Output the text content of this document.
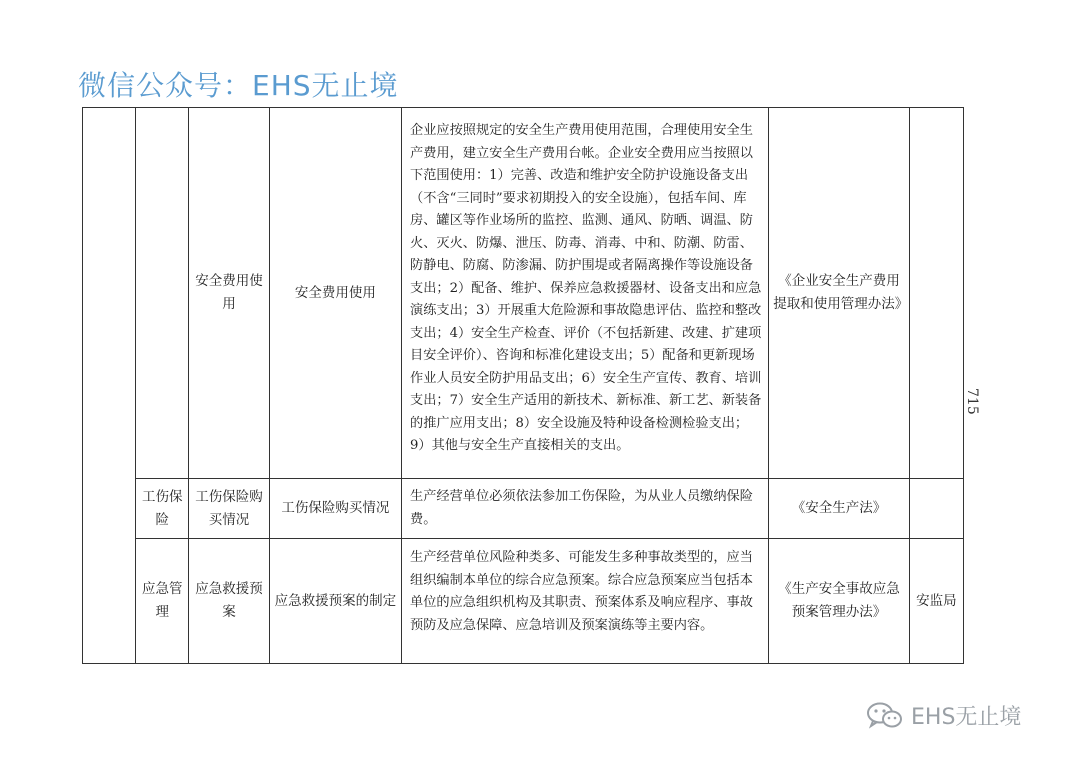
微信公众号：EHS无止境
		安全费用使用	安全费用使用	企业应按照规定的安全生产费用使用范围，合理使用安全生产费用，建立安全生产费用台帐。企业安全费用应当按照以下范围使用：1）完善、改造和维护安全防护设施设备支出（不含“三同时”要求初期投入的安全设施），包括车间、库房、罐区等作业场所的监控、监测、通风、防晒、调温、防火、灭火、防爆、泄压、防毒、消毒、中和、防潮、防雷、防静电、防腐、防渗漏、防护围堤或者隔离操作等设施设备支出；2）配备、维护、保养应急救援器材、设备支出和应急演练支出；3）开展重大危险源和事故隐患评估、监控和整改支出；4）安全生产检查、评价（不包括新建、改建、扩建项目安全评价）、咨询和标准化建设支出；5）配备和更新现场作业人员安全防护用品支出；6）安全生产宣传、教育、培训支出；7）安全生产适用的新技术、新标准、新工艺、新装备的推广应用支出；8）安全设施及特种设备检测检验支出；9）其他与安全生产直接相关的支出。	《企业安全生产费用提取和使用管理办法》	
	工伤保险	工伤保险购买情况	工伤保险购买情况	生产经营单位必须依法参加工伤保险，为从业人员缴纳保险费。	《安全生产法》	
	应急管理	应急救援预案	应急救援预案的制定	生产经营单位风险种类多、可能发生多种事故类型的，应当组织编制本单位的综合应急预案。综合应急预案应当包括本单位的应急组织机构及其职责、预案体系及响应程序、事故预防及应急保障、应急培训及预案演练等主要内容。	《生产安全事故应急预案管理办法》	安监局
715
EHS无止境
